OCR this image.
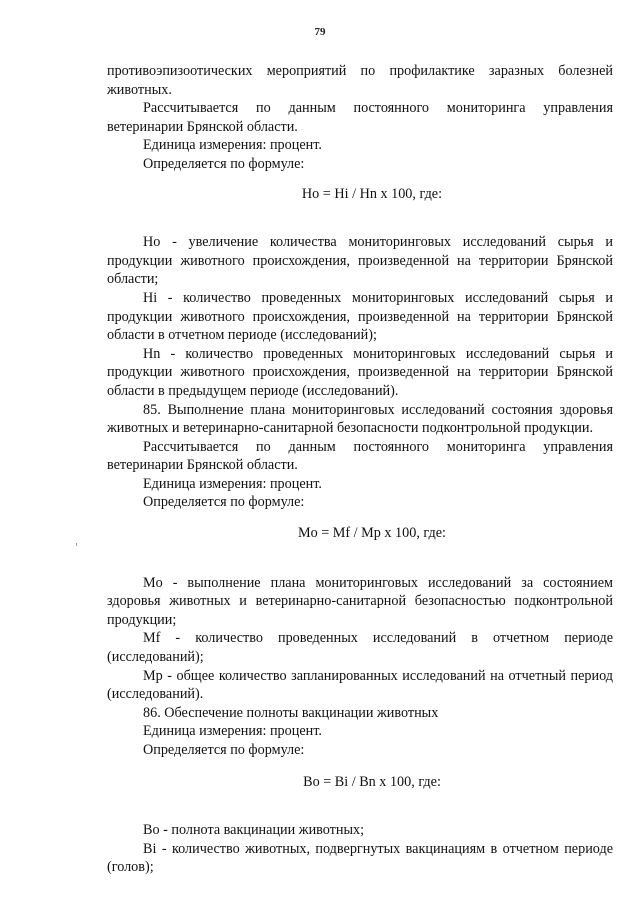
79

противоэпизоотических мероприятий по профилактике заразных болезней животных.

Рассчитывается по данным постоянного мониторинга управления ветеринарии Брянской области.

Единица измерения: процент.

Определяется по формуле:

Ho = Hi / Hn x 100, где:

Ho - увеличение количества мониторинговых исследований сырья и продукции животного происхождения, произведенной на территории Брянской области;

Hi - количество проведенных мониторинговых исследований сырья и продукции животного происхождения, произведенной на территории Брянской области в отчетном периоде (исследований);

Hn - количество проведенных мониторинговых исследований сырья и продукции животного происхождения, произведенной на территории Брянской области в предыдущем периоде (исследований).

85. Выполнение плана мониторинговых исследований состояния здоровья животных и ветеринарно-санитарной безопасности подконтрольной продукции.

Рассчитывается по данным постоянного мониторинга управления ветеринарии Брянской области.

Единица измерения: процент.

Определяется по формуле:

Mo = Mf / Mp x 100, где:

Mo - выполнение плана мониторинговых исследований за состоянием здоровья животных и ветеринарно-санитарной безопасностью подконтрольной продукции;

Mf - количество проведенных исследований в отчетном периоде (исследований);

Mp - общее количество запланированных исследований на отчетный период (исследований).

86. Обеспечение полноты вакцинации животных

Единица измерения: процент.

Определяется по формуле:

Bo = Bi / Bn x 100, где:

Bo - полнота вакцинации животных;

Bi - количество животных, подвергнутых вакцинациям в отчетном периоде (голов);
